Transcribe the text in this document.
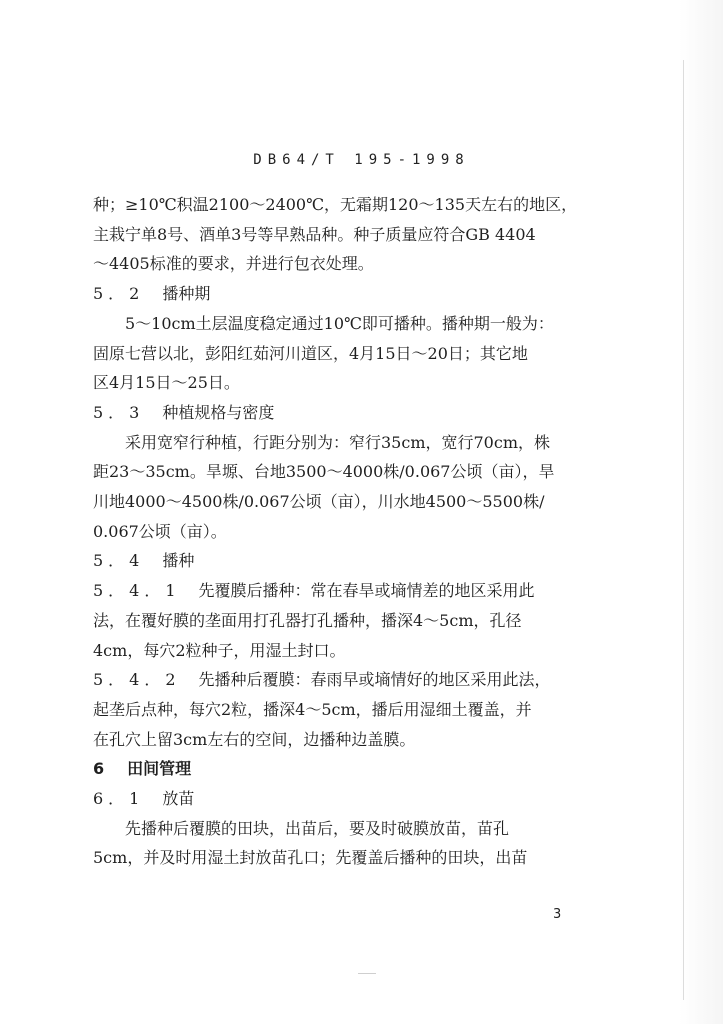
DB64/T 195-1998
种；≥10℃积温2100～2400℃，无霜期120～135天左右的地区，
主栽宁单8号、酒单3号等早熟品种。种子质量应符合GB 4404
～4405标准的要求，并进行包衣处理。
5．2 播种期
5～10cm土层温度稳定通过10℃即可播种。播种期一般为：
固原七营以北，彭阳红茹河川道区，4月15日～20日；其它地
区4月15日～25日。
5．3 种植规格与密度
采用宽窄行种植，行距分别为：窄行35cm，宽行70cm，株
距23～35cm。旱塬、台地3500～4000株/0.067公顷（亩），旱
川地4000～4500株/0.067公顷（亩），川水地4500～5500株/
0.067公顷（亩）。
5．4 播种
5．4．1 先覆膜后播种：常在春旱或墒情差的地区采用此
法，在覆好膜的垄面用打孔器打孔播种，播深4～5cm，孔径
4cm，每穴2粒种子，用湿土封口。
5．4．2 先播种后覆膜：春雨早或墒情好的地区采用此法，
起垄后点种，每穴2粒，播深4～5cm，播后用湿细土覆盖，并
在孔穴上留3cm左右的空间，边播种边盖膜。
6 田间管理
6．1 放苗
先播种后覆膜的田块，出苗后，要及时破膜放苗，苗孔
5cm，并及时用湿土封放苗孔口；先覆盖后播种的田块，出苗
3
